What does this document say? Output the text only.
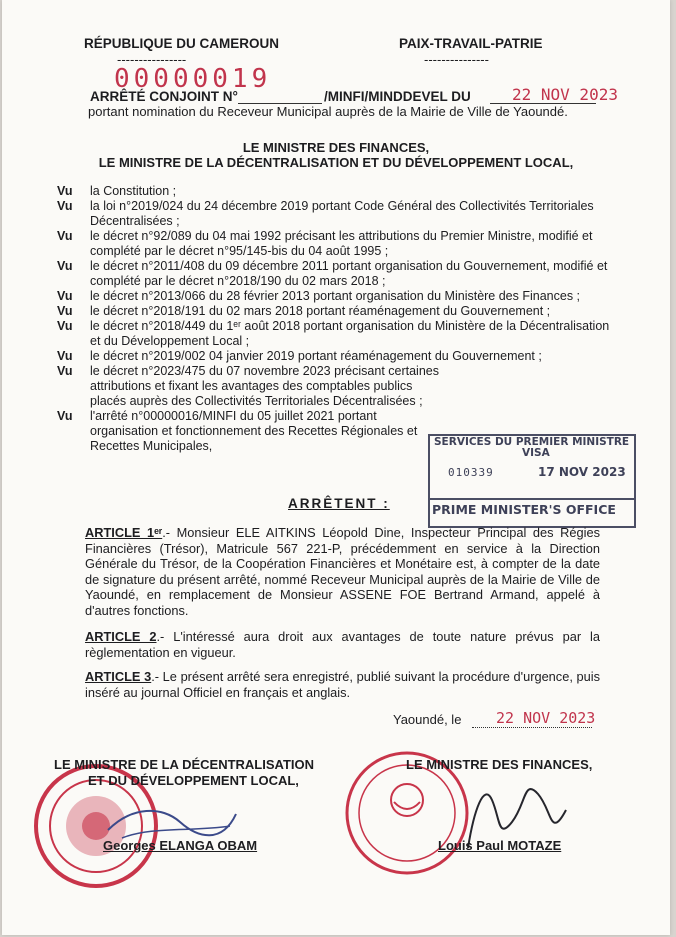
RÉPUBLIQUE DU CAMEROUN
----------------
PAIX-TRAVAIL-PATRIE
---------------
00000019
ARRÊTÉ CONJOINT N°	/MINFI/MINDDEVEL DU	22 NOV 2023
portant nomination du Receveur Municipal auprès de la Mairie de Ville de Yaoundé.
LE MINISTRE DES FINANCES,
LE MINISTRE DE LA DÉCENTRALISATION ET DU DÉVELOPPEMENT LOCAL,
Vu	la Constitution ;
Vu	la loi n°2019/024 du 24 décembre 2019 portant Code Général des Collectivités Territoriales Décentralisées ;
Vu	le décret n°92/089 du 04 mai 1992 précisant les attributions du Premier Ministre, modifié et complété par le décret n°95/145-bis du 04 août 1995 ;
Vu	le décret n°2011/408 du 09 décembre 2011 portant organisation du Gouvernement, modifié et complété par le décret n°2018/190 du 02 mars 2018 ;
Vu	le décret n°2013/066 du 28 février 2013 portant organisation du Ministère des Finances ;
Vu	le décret n°2018/191 du 02 mars 2018 portant réaménagement du Gouvernement ;
Vu	le décret n°2018/449 du 1ᵉʳ août 2018 portant organisation du Ministère de la Décentralisation et du Développement Local ;
Vu	le décret n°2019/002 04 janvier 2019 portant réaménagement du Gouvernement ;
Vu	le décret n°2023/475 du 07 novembre 2023 précisant certaines attributions et fixant les avantages des comptables publics placés auprès des Collectivités Territoriales Décentralisées ;
Vu	l'arrêté n°00000016/MINFI du 05 juillet 2021 portant organisation et fonctionnement des Recettes Régionales et Recettes Municipales,	SERVICES DU PREMIER MINISTRE
VISA
010339	17 NOV 2023
PRIME MINISTER'S OFFICE
ARRÊTENT :
ARTICLE 1ᵉʳ.- Monsieur ELE AITKINS Léopold Dine, Inspecteur Principal des Régies Financières (Trésor), Matricule 567 221-P, précédemment en service à la Direction Générale du Trésor, de la Coopération Financières et Monétaire est, à compter de la date de signature du présent arrêté, nommé Receveur Municipal auprès de la Mairie de Ville de Yaoundé, en remplacement de Monsieur ASSENE FOE Bertrand Armand, appelé à d'autres fonctions.
ARTICLE 2.- L'intéressé aura droit aux avantages de toute nature prévus par la règlementation en vigueur.
ARTICLE 3.- Le présent arrêté sera enregistré, publié suivant la procédure d'urgence, puis inséré au journal Officiel en français et anglais.
Yaoundé, le 22 NOV 2023
LE MINISTRE DE LA DÉCENTRALISATION
ET DU DÉVELOPPEMENT LOCAL,
LE MINISTRE DES FINANCES,
Georges ELANGA OBAM	Louis Paul MOTAZE
